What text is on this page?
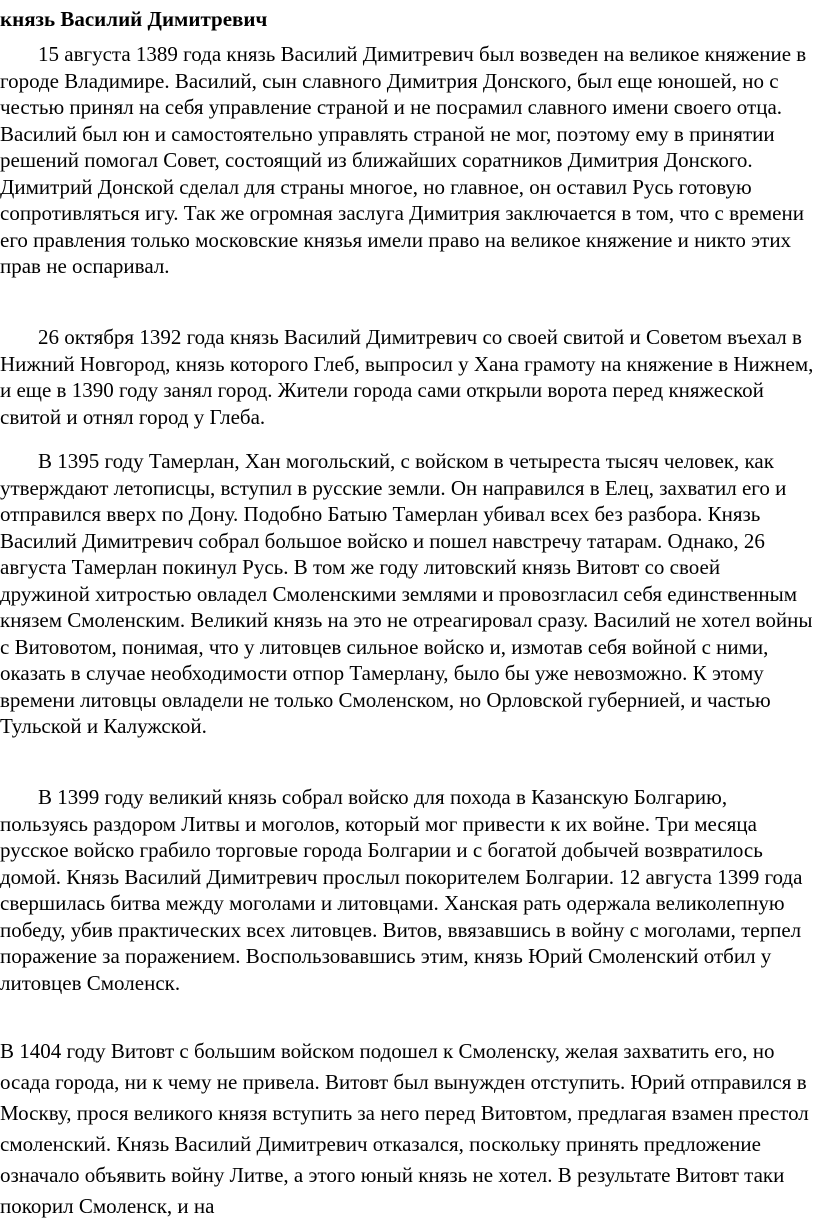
князь Василий Димитревич

15 августа 1389 года князь Василий Димитревич был возведен на великое княжение в городе Владимире. Василий, сын славного Димитрия Донского, был еще юношей, но с честью принял на себя управление страной и не посрамил славного имени своего отца. Василий был юн и самостоятельно управлять страной не мог, поэтому ему в принятии решений помогал Совет, состоящий из ближайших соратников Димитрия Донского. Димитрий Донской сделал для страны многое, но главное, он оставил Русь готовую сопротивляться игу. Так же огромная заслуга Димитрия заключается в том, что с времени его правления только московские князья имели право на великое княжение и никто этих прав не оспаривал.

26 октября 1392 года князь Василий Димитревич со своей свитой и Советом въехал в Нижний Новгород, князь которого Глеб, выпросил у Хана грамоту на княжение в Нижнем, и еще в 1390 году занял город. Жители города сами открыли ворота перед княжеской свитой и отнял город у Глеба.

В 1395 году Тамерлан, Хан могольский, с войском в четыреста тысяч человек, как утверждают летописцы, вступил в русские земли. Он направился в Елец, захватил его и отправился вверх по Дону. Подобно Батыю Тамерлан убивал всех без разбора. Князь Василий Димитревич собрал большое войско и пошел навстречу татарам. Однако, 26 августа Тамерлан покинул Русь. В том же году литовский князь Витовт со своей дружиной хитростью овладел Смоленскими землями и провозгласил себя единственным князем Смоленским. Великий князь на это не отреагировал сразу. Василий не хотел войны с Витовотом, понимая, что у литовцев сильное войско и, измотав себя войной с ними, оказать в случае необходимости отпор Тамерлану, было бы уже невозможно. К этому времени литовцы овладели не только Смоленском, но Орловской губернией, и частью Тульской и Калужской.

В 1399 году великий князь собрал войско для похода в Казанскую Болгарию, пользуясь раздором Литвы и моголов, который мог привести к их войне. Три месяца русское войско грабило торговые города Болгарии и с богатой добычей возвратилось домой. Князь Василий Димитревич прослыл покорителем Болгарии. 12 августа 1399 года свершилась битва между моголами и литовцами. Ханская рать одержала великолепную победу, убив практических всех литовцев. Витов, ввязавшись в войну с моголами, терпел поражение за поражением. Воспользовавшись этим, князь Юрий Смоленский отбил у литовцев Смоленск.

В 1404 году Витовт с большим войском подошел к Смоленску, желая захватить его, но осада города, ни к чему не привела. Витовт был вынужден отступить. Юрий отправился в Москву, прося великого князя вступить за него перед Витовтом, предлагая взамен престол смоленский. Князь Василий Димитревич отказался, поскольку принять предложение означало объявить войну Литве, а этого юный князь не хотел. В результате Витовт таки покорил Смоленск, и на
